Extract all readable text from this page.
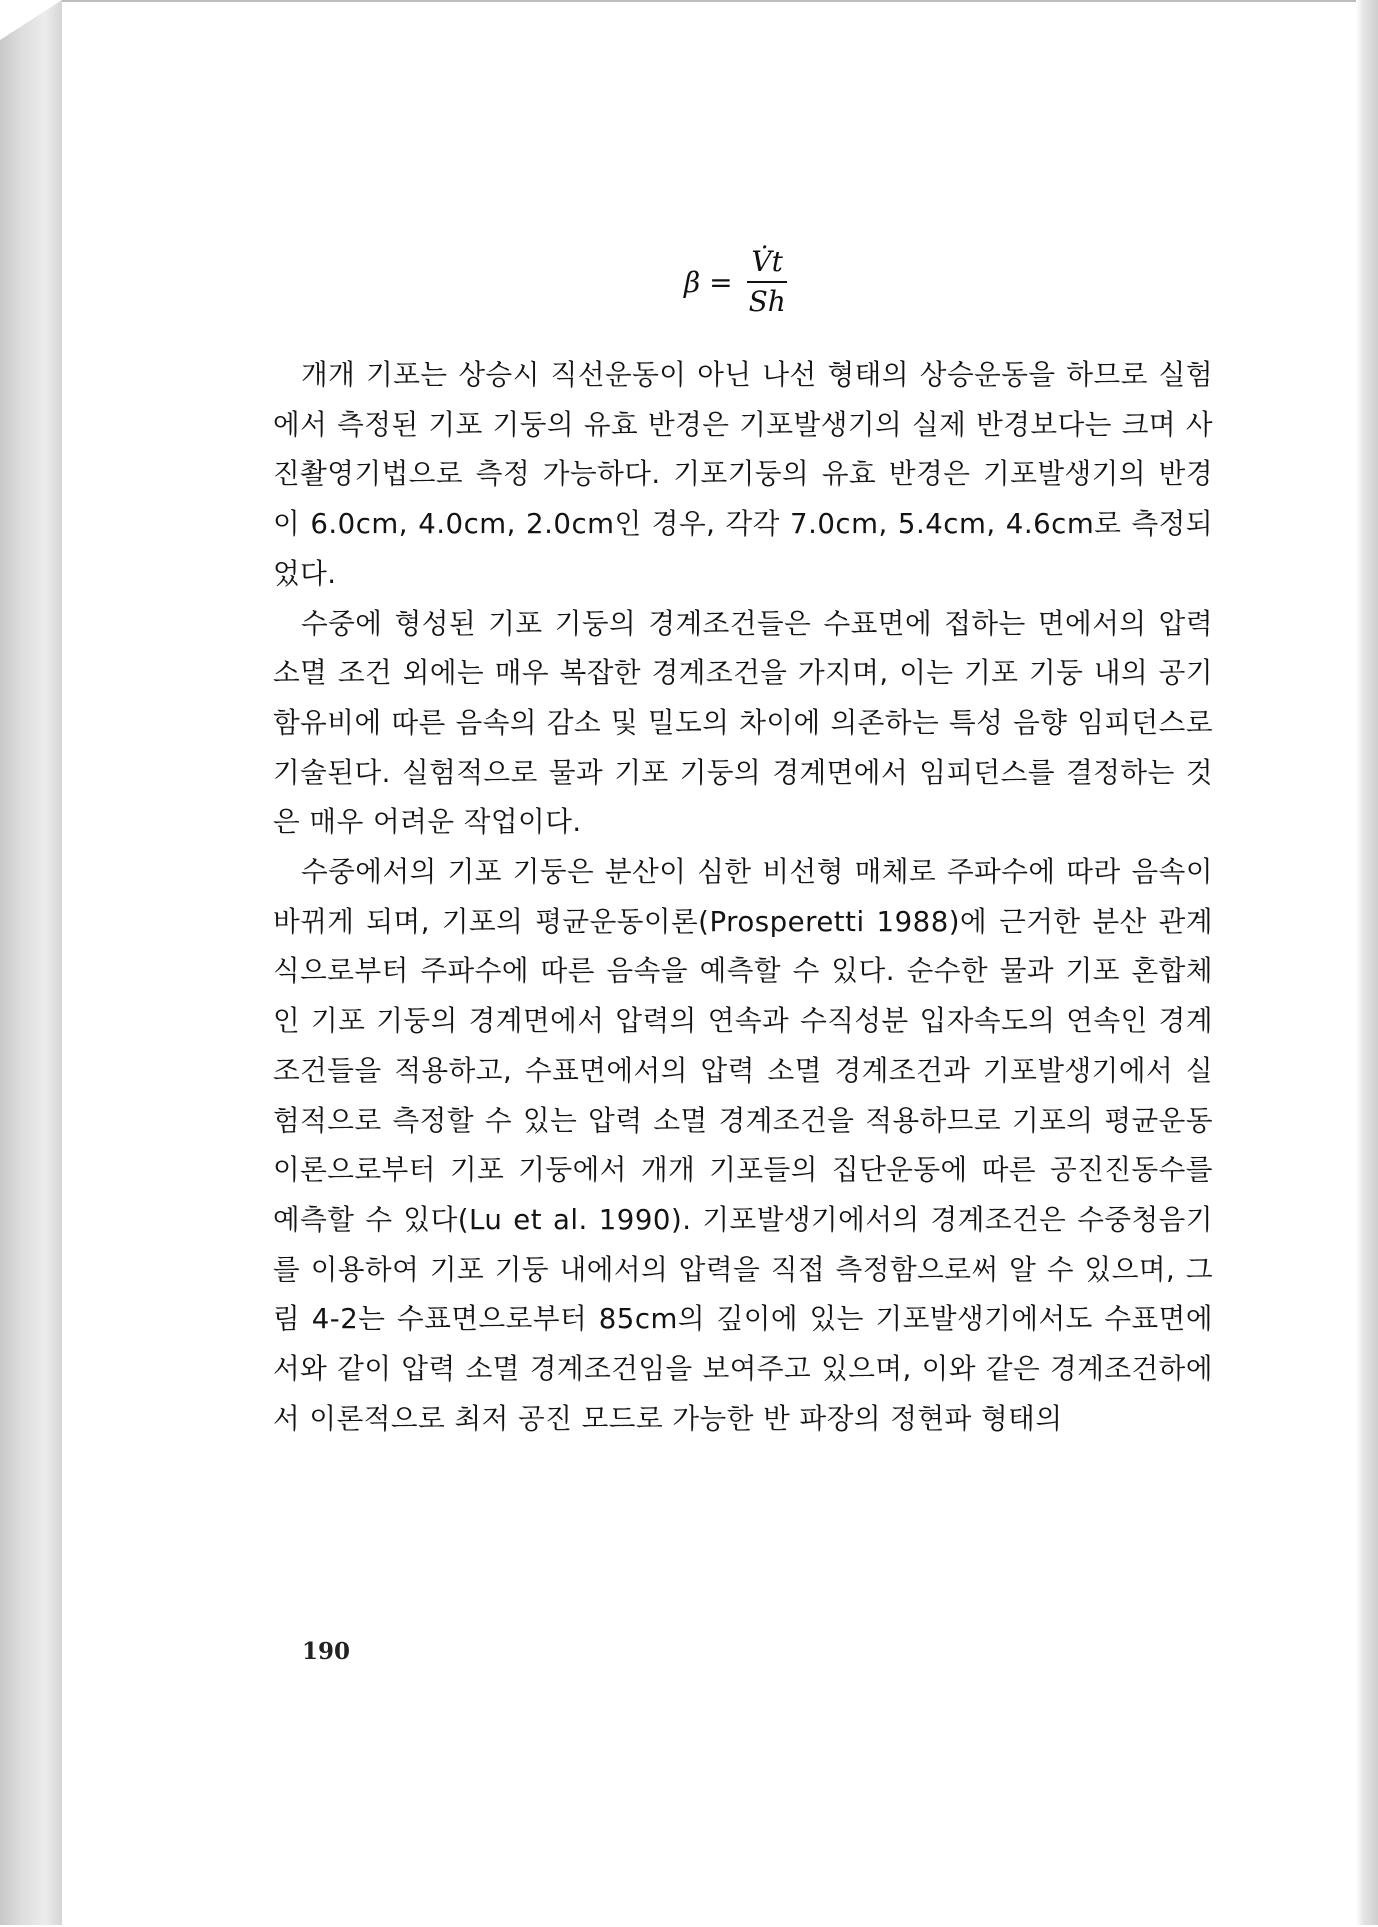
$\beta = \frac{V̇t}{Sh}$

개개 기포는 상승시 직선운동이 아닌 나선 형태의 상승운동을 하므로 실험에서 측정된 기포 기둥의 유효 반경은 기포발생기의 실제 반경보다는 크며 사진촬영기법으로 측정 가능하다. 기포기둥의 유효 반경은 기포발생기의 반경이 6.0cm, 4.0cm, 2.0cm인 경우, 각각 7.0cm, 5.4cm, 4.6cm로 측정되었다.

수중에 형성된 기포 기둥의 경계조건들은 수표면에 접하는 면에서의 압력 소멸 조건 외에는 매우 복잡한 경계조건을 가지며, 이는 기포 기둥 내의 공기함유비에 따른 음속의 감소 및 밀도의 차이에 의존하는 특성 음향 임피던스로 기술된다. 실험적으로 물과 기포 기둥의 경계면에서 임피던스를 결정하는 것은 매우 어려운 작업이다.

수중에서의 기포 기둥은 분산이 심한 비선형 매체로 주파수에 따라 음속이 바뀌게 되며, 기포의 평균운동이론(Prosperetti 1988)에 근거한 분산 관계식으로부터 주파수에 따른 음속을 예측할 수 있다. 순수한 물과 기포 혼합체인 기포 기둥의 경계면에서 압력의 연속과 수직성분 입자속도의 연속인 경계조건들을 적용하고, 수표면에서의 압력 소멸 경계조건과 기포발생기에서 실험적으로 측정할 수 있는 압력 소멸 경계조건을 적용하므로 기포의 평균운동이론으로부터 기포 기둥에서 개개 기포들의 집단운동에 따른 공진진동수를 예측할 수 있다(Lu et al. 1990). 기포발생기에서의 경계조건은 수중청음기를 이용하여 기포 기둥 내에서의 압력을 직접 측정함으로써 알 수 있으며, 그림 4-2는 수표면으로부터 85cm의 깊이에 있는 기포발생기에서도 수표면에서와 같이 압력 소멸 경계조건임을 보여주고 있으며, 이와 같은 경계조건하에서 이론적으로 최저 공진 모드로 가능한 반 파장의 정현파 형태의

190
